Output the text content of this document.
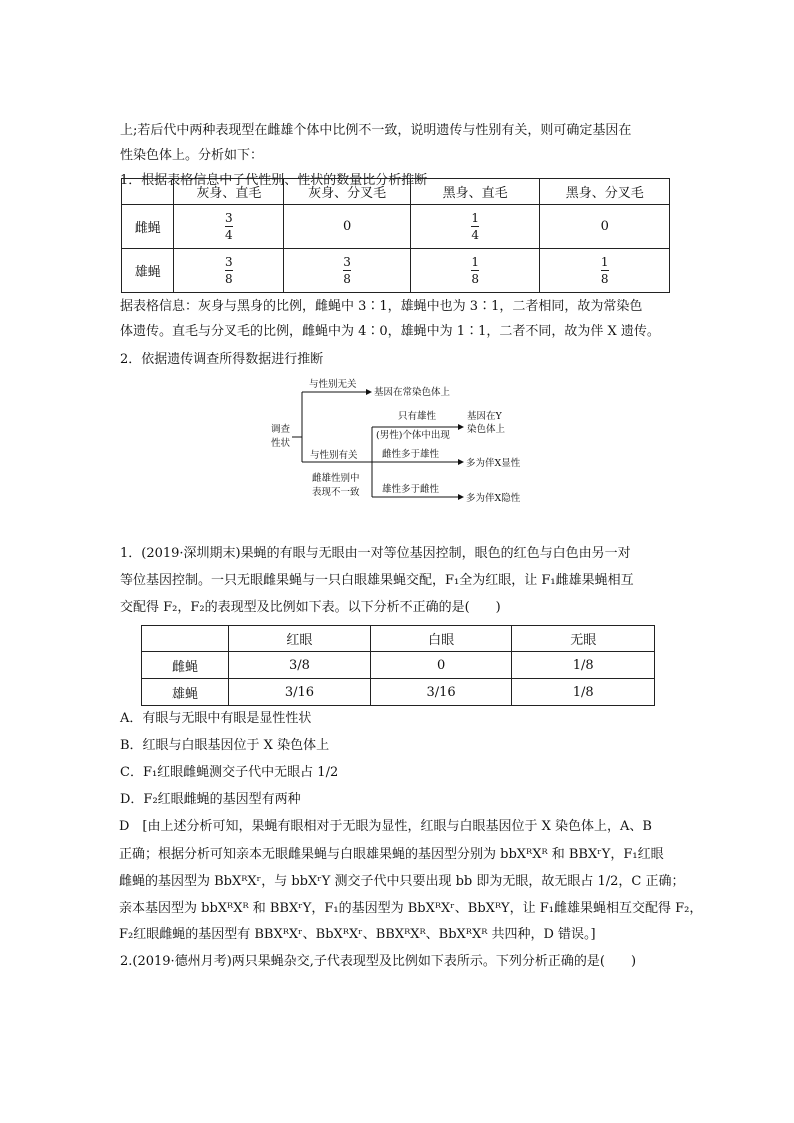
上;若后代中两种表现型在雌雄个体中比例不一致，说明遗传与性别有关，则可确定基因在

性染色体上。分析如下：

1．根据表格信息中子代性别、性状的数量比分析推断

	灰身、直毛	灰身、分叉毛	黑身、直毛	黑身、分叉毛
雌蝇	$\frac{3}{4}$	0	$\frac{1}{4}$	0
雄蝇	$\frac{3}{8}$	$\frac{3}{8}$	$\frac{1}{8}$	$\frac{1}{8}$

据表格信息：灰身与黑身的比例，雌蝇中 3∶1，雄蝇中也为 3∶1，二者相同，故为常染色

体遗传。直毛与分叉毛的比例，雌蝇中为 4∶0，雄蝇中为 1∶1，二者不同，故为伴 X 遗传。

2．依据遗传调查所得数据进行推断

调查
性状
与性别无关
基因在常染色体上
与性别有关
只有雄性
(男性)个体中出现
基因在Y
染色体上
雌雄性别中
表现不一致
雌性多于雄性
多为伴X显性
雄性多于雌性
多为伴X隐性

1．(2019·深圳期末)果蝇的有眼与无眼由一对等位基因控制，眼色的红色与白色由另一对

等位基因控制。一只无眼雌果蝇与一只白眼雄果蝇交配，F₁全为红眼，让 F₁雌雄果蝇相互

交配得 F₂，F₂的表现型及比例如下表。以下分析不正确的是(　　)

	红眼	白眼	无眼
雌蝇	3/8	0	1/8
雄蝇	3/16	3/16	1/8

A．有眼与无眼中有眼是显性性状

B．红眼与白眼基因位于 X 染色体上

C．F₁红眼雌蝇测交子代中无眼占 1/2

D．F₂红眼雌蝇的基因型有两种

D　[由上述分析可知，果蝇有眼相对于无眼为显性，红眼与白眼基因位于 X 染色体上，A、B

正确；根据分析可知亲本无眼雌果蝇与白眼雄果蝇的基因型分别为 bbXᴿXᴿ 和 BBXʳY，F₁红眼

雌蝇的基因型为 BbXᴿXʳ，与 bbXʳY 测交子代中只要出现 bb 即为无眼，故无眼占 1/2，C 正确；

亲本基因型为 bbXᴿXᴿ 和 BBXʳY，F₁的基因型为 BbXᴿXʳ、BbXᴿY，让 F₁雌雄果蝇相互交配得 F₂，

F₂红眼雌蝇的基因型有 BBXᴿXʳ、BbXᴿXʳ、BBXᴿXᴿ、BbXᴿXᴿ 共四种，D 错误。]

2.(2019·德州月考)两只果蝇杂交,子代表现型及比例如下表所示。下列分析正确的是(　　)
